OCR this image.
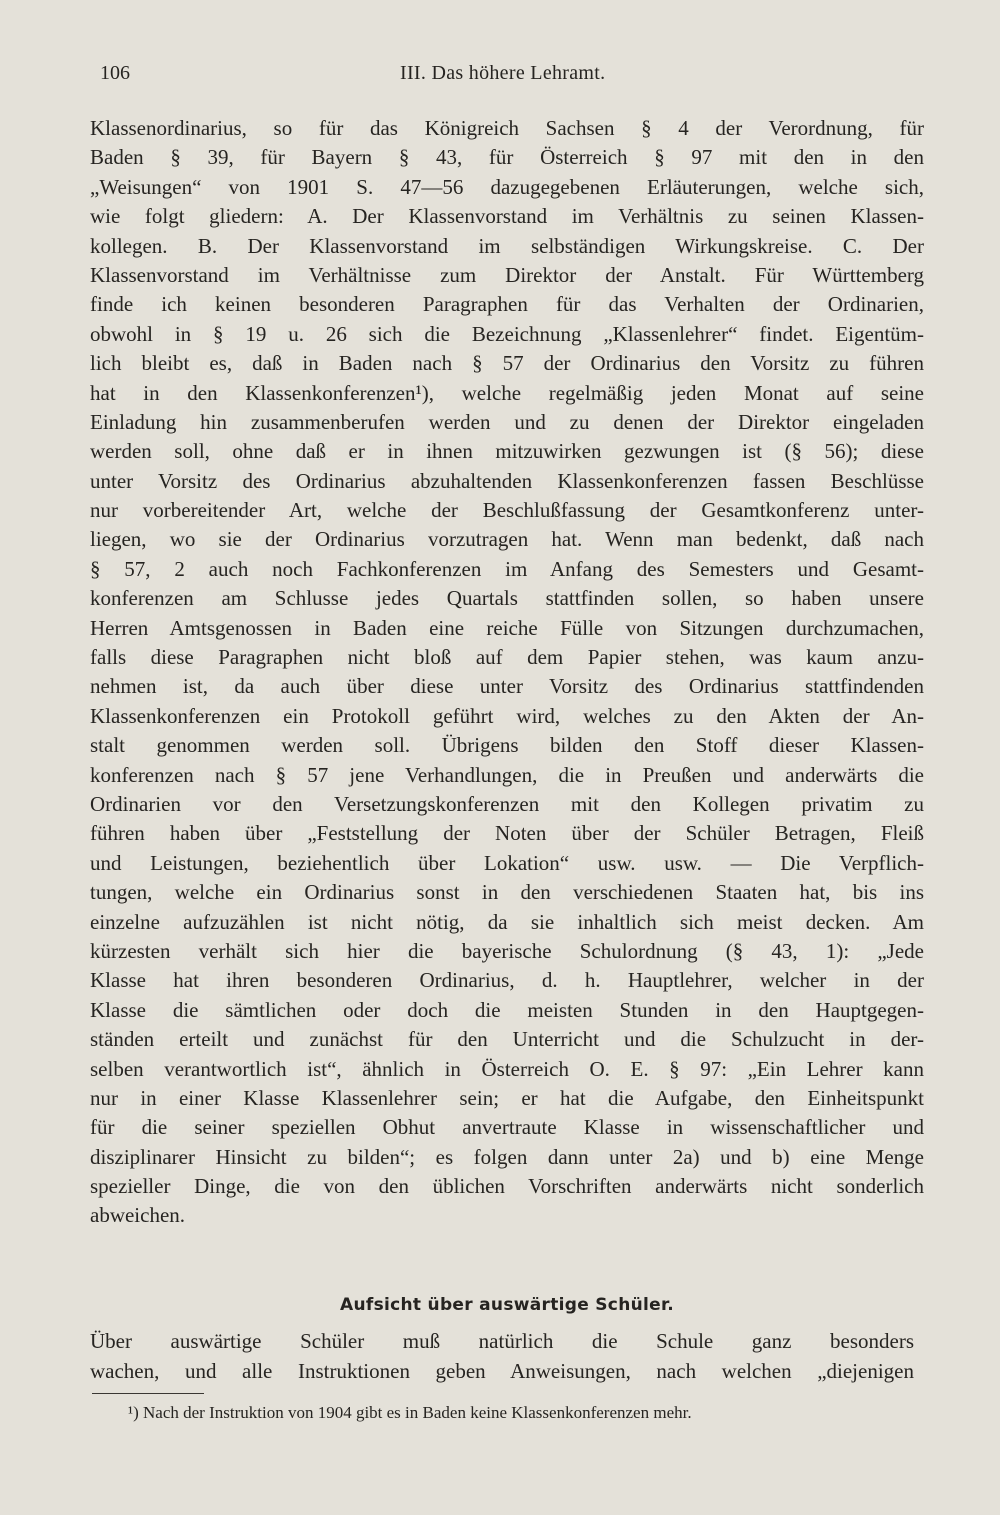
106	III. Das höhere Lehramt.
Klassenordinarius, so für das Königreich Sachsen § 4 der Verordnung, für
Baden § 39, für Bayern § 43, für Österreich § 97 mit den in den
„Weisungen“ von 1901 S. 47—56 dazugegebenen Erläuterungen, welche sich,
wie folgt gliedern: A. Der Klassenvorstand im Verhältnis zu seinen Klassen-
kollegen. B. Der Klassenvorstand im selbständigen Wirkungskreise. C. Der
Klassenvorstand im Verhältnisse zum Direktor der Anstalt. Für Württemberg
finde ich keinen besonderen Paragraphen für das Verhalten der Ordinarien,
obwohl in § 19 u. 26 sich die Bezeichnung „Klassenlehrer“ findet. Eigentüm-
lich bleibt es, daß in Baden nach § 57 der Ordinarius den Vorsitz zu führen
hat in den Klassenkonferenzen¹), welche regelmäßig jeden Monat auf seine
Einladung hin zusammenberufen werden und zu denen der Direktor eingeladen
werden soll, ohne daß er in ihnen mitzuwirken gezwungen ist (§ 56); diese
unter Vorsitz des Ordinarius abzuhaltenden Klassenkonferenzen fassen Beschlüsse
nur vorbereitender Art, welche der Beschlußfassung der Gesamtkonferenz unter-
liegen, wo sie der Ordinarius vorzutragen hat. Wenn man bedenkt, daß nach
§ 57, 2 auch noch Fachkonferenzen im Anfang des Semesters und Gesamt-
konferenzen am Schlusse jedes Quartals stattfinden sollen, so haben unsere
Herren Amtsgenossen in Baden eine reiche Fülle von Sitzungen durchzumachen,
falls diese Paragraphen nicht bloß auf dem Papier stehen, was kaum anzu-
nehmen ist, da auch über diese unter Vorsitz des Ordinarius stattfindenden
Klassenkonferenzen ein Protokoll geführt wird, welches zu den Akten der An-
stalt genommen werden soll. Übrigens bilden den Stoff dieser Klassen-
konferenzen nach § 57 jene Verhandlungen, die in Preußen und anderwärts die
Ordinarien vor den Versetzungskonferenzen mit den Kollegen privatim zu
führen haben über „Feststellung der Noten über der Schüler Betragen, Fleiß
und Leistungen, beziehentlich über Lokation“ usw. usw. — Die Verpflich-
tungen, welche ein Ordinarius sonst in den verschiedenen Staaten hat, bis ins
einzelne aufzuzählen ist nicht nötig, da sie inhaltlich sich meist decken. Am
kürzesten verhält sich hier die bayerische Schulordnung (§ 43, 1): „Jede
Klasse hat ihren besonderen Ordinarius, d. h. Hauptlehrer, welcher in der
Klasse die sämtlichen oder doch die meisten Stunden in den Hauptgegen-
ständen erteilt und zunächst für den Unterricht und die Schulzucht in der-
selben verantwortlich ist“, ähnlich in Österreich O. E. § 97: „Ein Lehrer kann
nur in einer Klasse Klassenlehrer sein; er hat die Aufgabe, den Einheitspunkt
für die seiner speziellen Obhut anvertraute Klasse in wissenschaftlicher und
disziplinarer Hinsicht zu bilden“; es folgen dann unter 2a) und b) eine Menge
spezieller Dinge, die von den üblichen Vorschriften anderwärts nicht sonderlich
abweichen.
Aufsicht über auswärtige Schüler.
Über auswärtige Schüler muß natürlich die Schule ganz besonders
wachen, und alle Instruktionen geben Anweisungen, nach welchen „diejenigen
¹) Nach der Instruktion von 1904 gibt es in Baden keine Klassenkonferenzen mehr.
